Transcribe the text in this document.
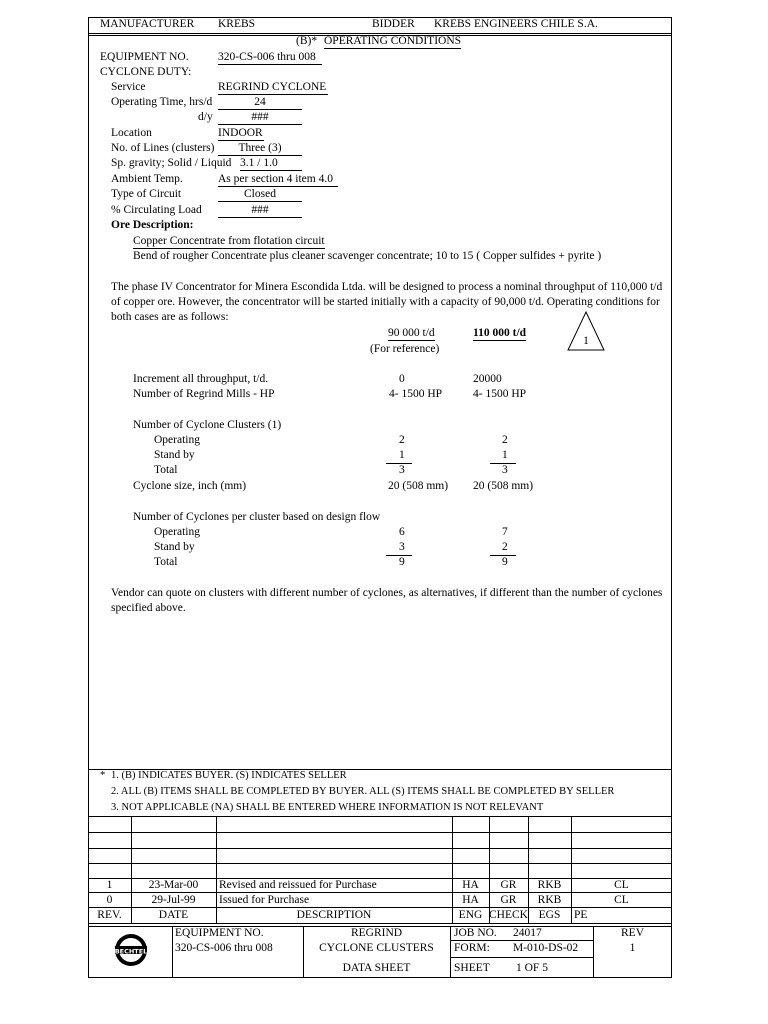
MANUFACTURER KREBS	BIDDER KREBS ENGINEERS CHILE S.A.
(B)* OPERATING CONDITIONS
EQUIPMENT NO.	320-CS-006 thru 008
CYCLONE DUTY:
Service	REGRIND CYCLONE
Operating Time, hrs/d	24
d/y	###
Location	INDOOR
No. of Lines (clusters)	Three (3)
Sp. gravity; Solid / Liquid 3.1 / 1.0
Ambient Temp.	As per section 4 item 4.0
Type of Circuit	Closed
% Circulating Load	###
Ore Description:
Copper Concentrate from flotation circuit
Bend of rougher Concentrate plus cleaner scavenger concentrate; 10 to 15 ( Copper sulfides + pyrite )
The phase IV Concentrator for Minera Escondida Ltda. will be designed to process a nominal throughput of 110,000 t/d
of copper ore. However, the concentrator will be started initially with a capacity of 90,000 t/d. Operating conditions for
both cases are as follows:
90 000 t/d
(For reference)
110 000 t/d
1
Increment all throughput, t/d.	0	20000
Number of Regrind Mills - HP	4- 1500 HP	4- 1500 HP
Number of Cyclone Clusters (1)
Operating	2	2
Stand by	1	1
Total	3	3
Cyclone size, inch (mm)	20 (508 mm) 20 (508 mm)
Number of Cyclones per cluster based on design flow
Operating	6	7
Stand by	3	2
Total	9	9
Vendor can quote on clusters with different number of cyclones, as alternatives, if different than the number of cyclones
specified above.
* 1. (B) INDICATES BUYER. (S) INDICATES SELLER
2. ALL (B) ITEMS SHALL BE COMPLETED BY BUYER. ALL (S) ITEMS SHALL BE COMPLETED BY SELLER
3. NOT APPLICABLE (NA) SHALL BE ENTERED WHERE INFORMATION IS NOT RELEVANT
1	23-Mar-00	Revised and reissued for Purchase	HA	GR	RKB	CL
0	29-Jul-99	Issued for Purchase	HA	GR	RKB	CL
REV.	DATE	DESCRIPTION	ENG CHECK EGS	PE
BECHTEL
EQUIPMENT NO.
320-CS-006 thru 008
REGRIND
CYCLONE CLUSTERS
DATA SHEET
JOB NO. 24017
FORM: M-010-DS-02
SHEET 1 OF 5
REV
1
